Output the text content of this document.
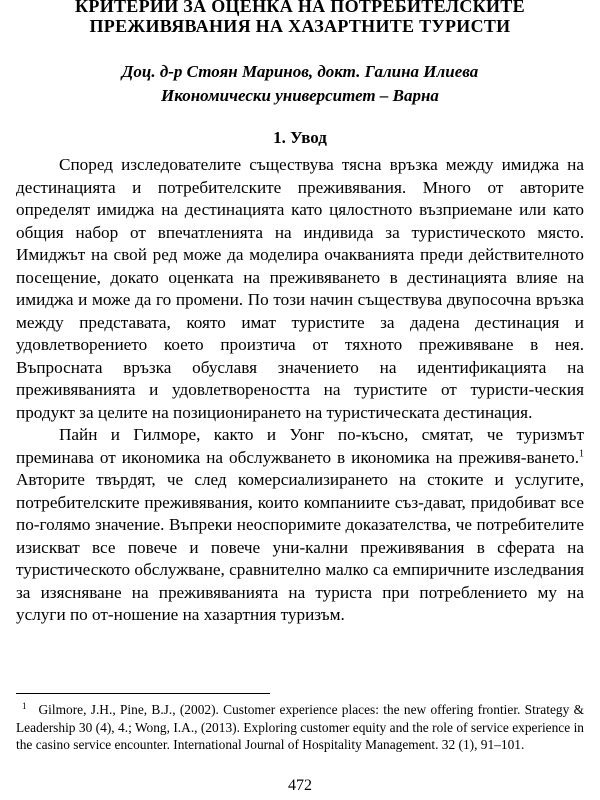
КРИТЕРИИ ЗА ОЦЕНКА НА ПОТРЕБИТЕЛСКИТЕ
ПРЕЖИВЯВАНИЯ НА ХАЗАРТНИТЕ ТУРИСТИ
Доц. д-р Стоян Маринов, докт. Галина Илиева
Икономически университет – Варна
1. Увод

Според изследователите съществува тясна връзка между имиджа на дестинацията и потребителските преживявания. Много от авторите определят имиджа на дестинацията като цялостното възприемане или като общия набор от впечатленията на индивида за туристическото място. Имиджът на свой ред може да моделира очакванията преди действителното посещение, докато оценката на преживяването в дестинацията влияе на имиджа и може да го промени. По този начин съществува двупосочна връзка между представата, която имат туристите за дадена дестинация и удовлетворението което произтича от тяхното преживяване в нея. Въпросната връзка обуславя значението на идентификацията на преживяванията и удовлетвореността на туристите от туристи-ческия продукт за целите на позиционирането на туристическата дестинация.

Пайн и Гилморе, както и Уонг по-късно, смятат, че туризмът преминава от икономика на обслужването в икономика на преживя-ването.$^1$ Авторите твърдят, че след комерсиализирането на стоките и услугите, потребителските преживявания, които компаниите съз-дават, придобиват все по-голямо значение. Въпреки неоспоримите доказателства, че потребителите изискват все повече и повече уни-кални преживявания в сферата на туристическото обслужване, сравнително малко са емпиричните изследвания за изясняване на преживяванията на туриста при потреблението му на услуги по от-ношение на хазартния туризъм.

$^1$ Gilmore, J.H., Pine, B.J., (2002). Customer experience places: the new offering frontier. Strategy & Leadership 30 (4), 4.; Wong, I.A., (2013). Exploring customer equity and the role of service experience in the casino service encounter. International Journal of Hospitality Management. 32 (1), 91–101.

472
